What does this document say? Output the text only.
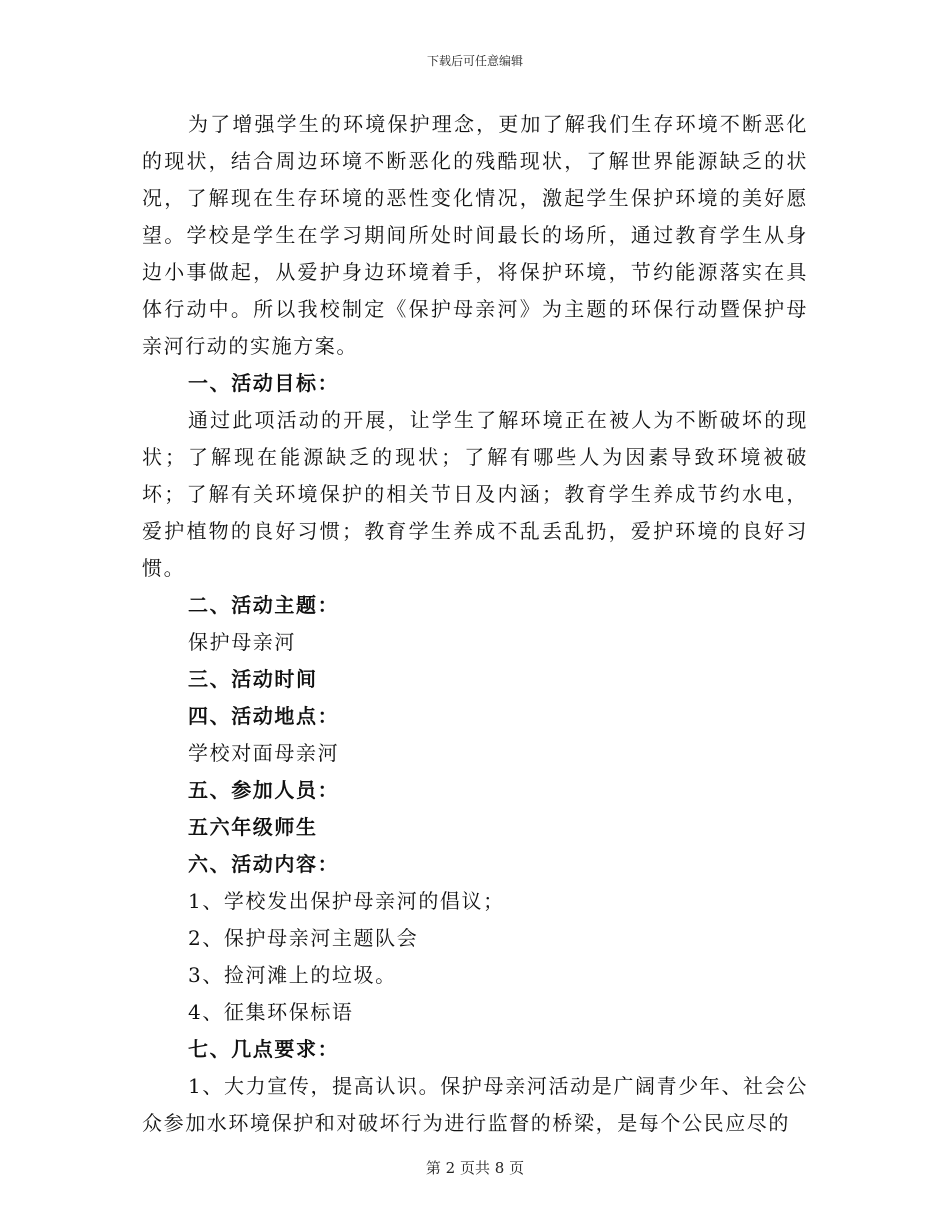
下载后可任意编辑

为了增强学生的环境保护理念，更加了解我们生存环境不断恶化的现状，结合周边环境不断恶化的残酷现状，了解世界能源缺乏的状况，了解现在生存环境的恶性变化情况，激起学生保护环境的美好愿望。学校是学生在学习期间所处时间最长的场所，通过教育学生从身边小事做起，从爱护身边环境着手，将保护环境，节约能源落实在具体行动中。所以我校制定《保护母亲河》为主题的环保行动暨保护母亲河行动的实施方案。

一、活动目标：

通过此项活动的开展，让学生了解环境正在被人为不断破坏的现状；了解现在能源缺乏的现状；了解有哪些人为因素导致环境被破坏；了解有关环境保护的相关节日及内涵；教育学生养成节约水电，爱护植物的良好习惯；教育学生养成不乱丢乱扔，爱护环境的良好习惯。

二、活动主题：

保护母亲河

三、活动时间

四、活动地点：

学校对面母亲河

五、参加人员：

五六年级师生

六、活动内容：

1、学校发出保护母亲河的倡议；

2、保护母亲河主题队会

3、捡河滩上的垃圾。

4、征集环保标语

七、几点要求：

1、大力宣传，提高认识。保护母亲河活动是广阔青少年、社会公众参加水环境保护和对破坏行为进行监督的桥梁，是每个公民应尽的

第 2 页共 8 页
